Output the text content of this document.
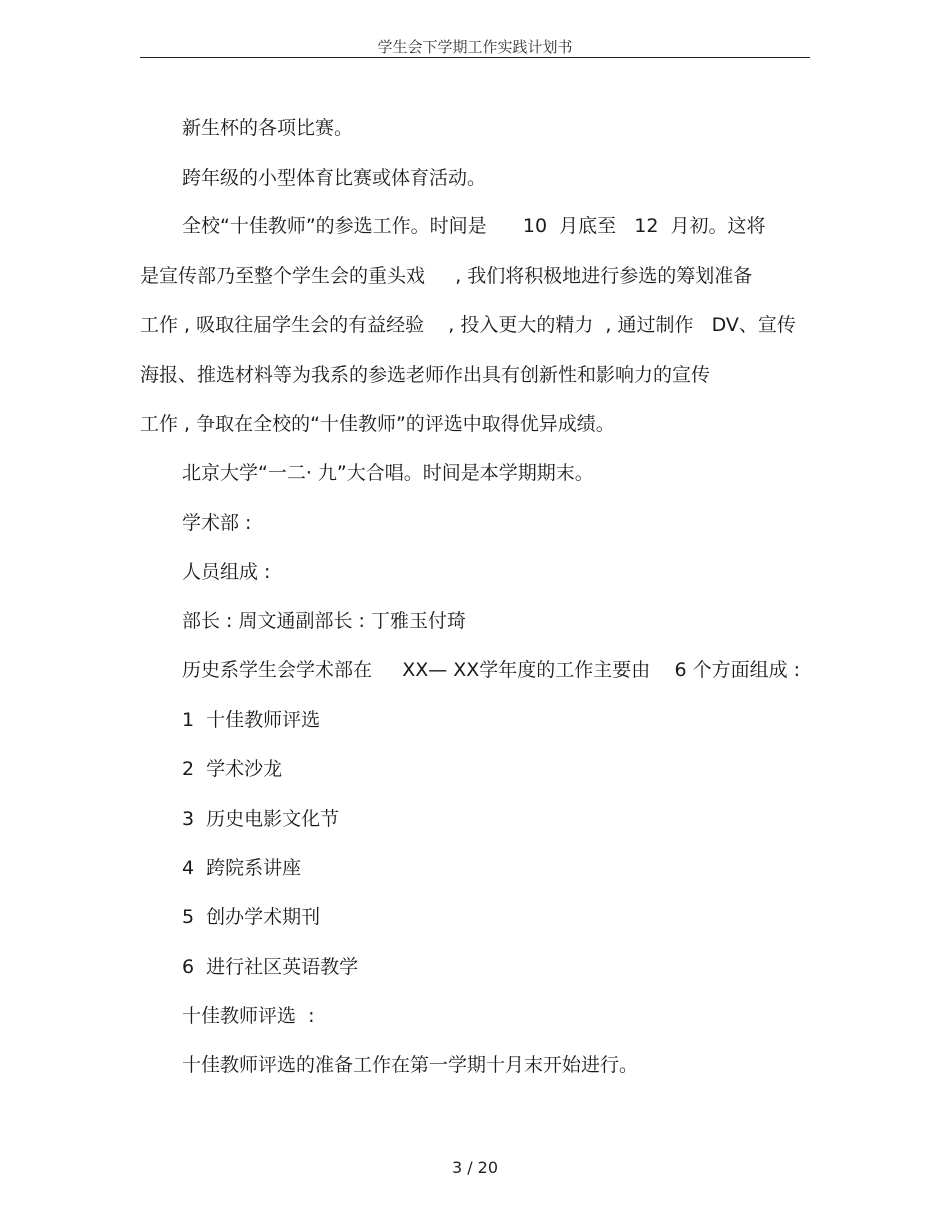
学生会下学期工作实践计划书
新生杯的各项比赛。
跨年级的小型体育比赛或体育活动。
全校“十佳教师”的参选工作。时间是      10  月底至   12  月初。这将
是宣传部乃至整个学生会的重头戏     , 我们将积极地进行参选的筹划准备
工作 , 吸取往届学生会的有益经验    , 投入更大的精力  , 通过制作   DV、宣传
海报、推选材料等为我系的参选老师作出具有创新性和影响力的宣传
工作 , 争取在全校的“十佳教师”的评选中取得优异成绩。
北京大学“一二· 九”大合唱。时间是本学期期末。
学术部 :
人员组成 :
部长 : 周文通副部长 : 丁雅玉付琦
历史系学生会学术部在     XX— XX学年度的工作主要由    6 个方面组成 :
1  十佳教师评选
2  学术沙龙
3  历史电影文化节
4  跨院系讲座
5  创办学术期刊
6  进行社区英语教学
十佳教师评选  :
十佳教师评选的准备工作在第一学期十月末开始进行。
3 / 20
